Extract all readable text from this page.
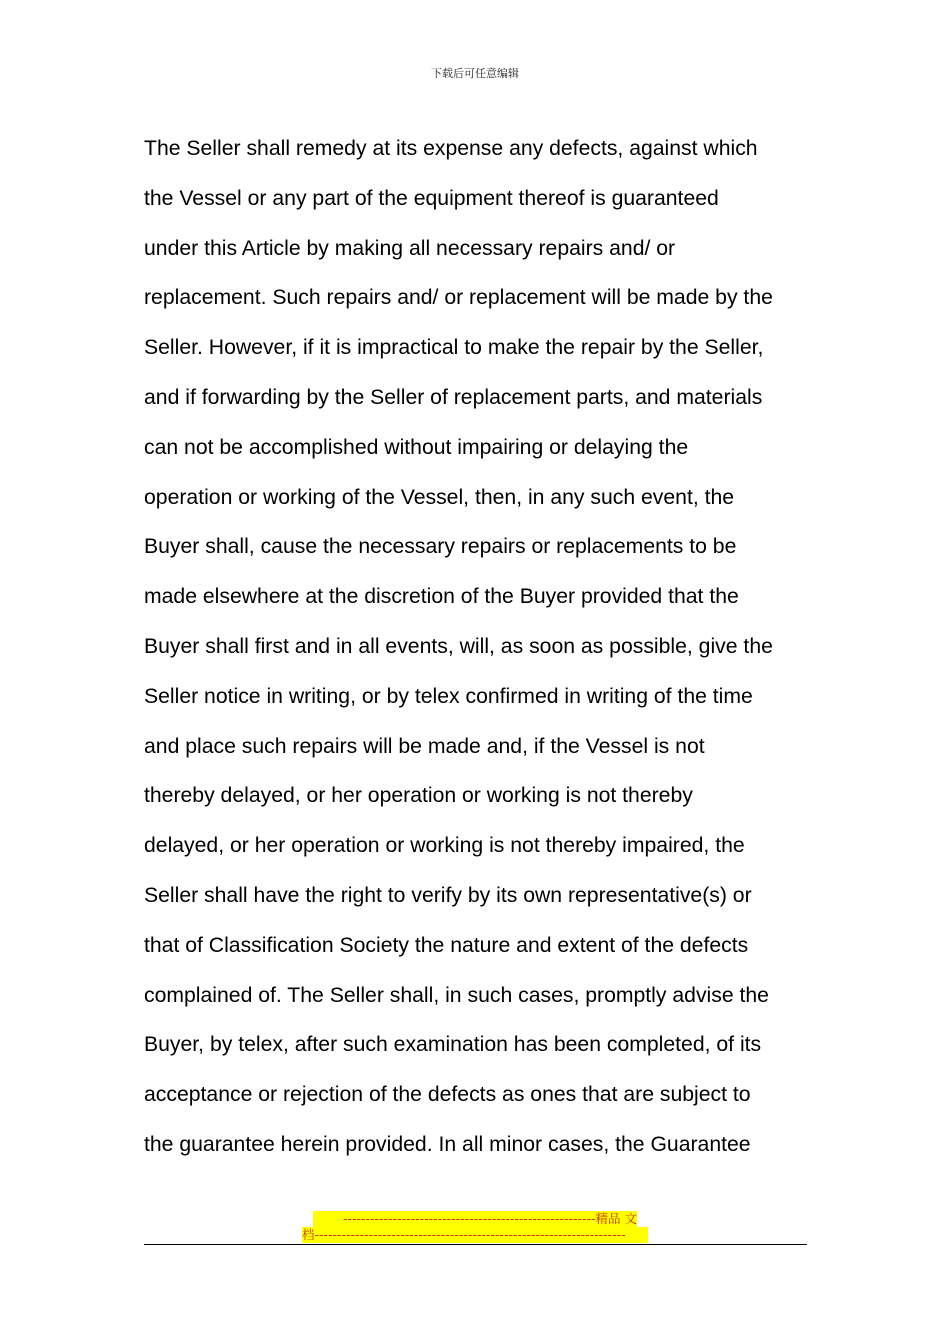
下载后可任意编辑
The Seller shall remedy at its expense any defects, against which
the Vessel or any part of the equipment thereof is guaranteed
under this Article by making all necessary repairs and/ or
replacement. Such repairs and/ or replacement will be made by the
Seller. However, if it is impractical to make the repair by the Seller,
and if forwarding by the Seller of replacement parts, and materials
can not be accomplished without impairing or delaying the
operation or working of the Vessel, then, in any such event, the
Buyer shall, cause the necessary repairs or replacements to be
made elsewhere at the discretion of the Buyer provided that the
Buyer shall first and in all events, will, as soon as possible, give the
Seller notice in writing, or by telex confirmed in writing of the time
and place such repairs will be made and, if the Vessel is not
thereby delayed, or her operation or working is not thereby
delayed, or her operation or working is not thereby impaired, the
Seller shall have the right to verify by its own representative(s) or
that of Classification Society the nature and extent of the defects
complained of. The Seller shall, in such cases, promptly advise the
Buyer, by telex, after such examination has been completed, of its
acceptance or rejection of the defects as ones that are subject to
the guarantee herein provided. In all minor cases, the Guarantee
--------------------------------------------------------精品 文
档---------------------------------------------------------------------
